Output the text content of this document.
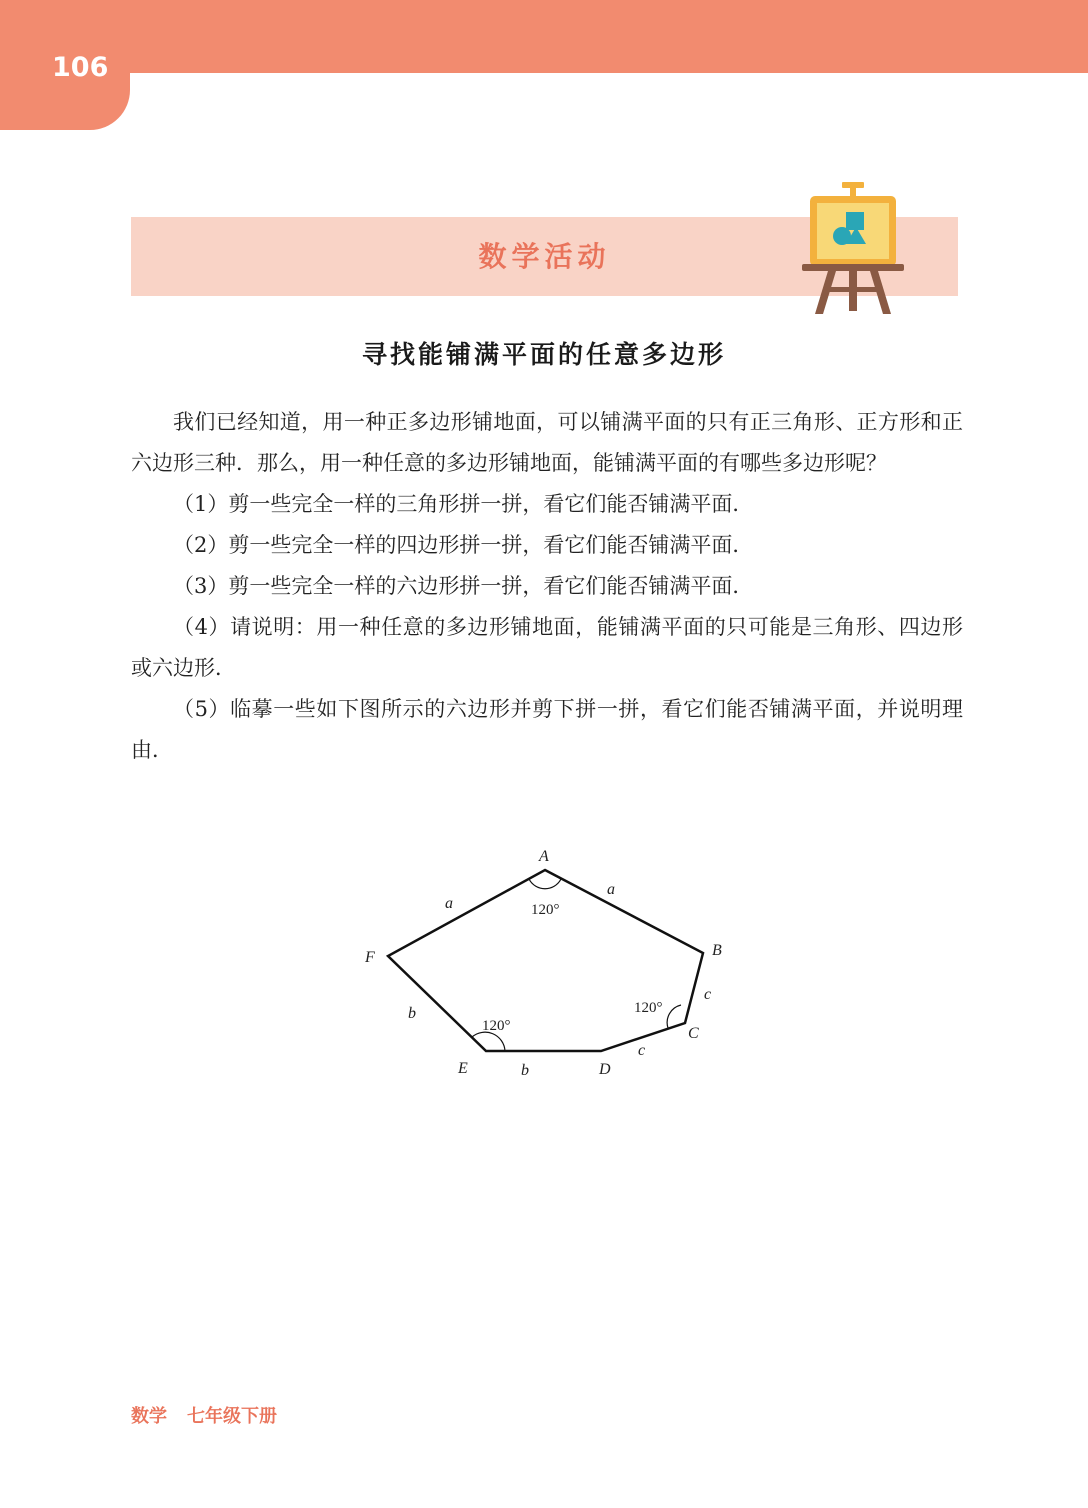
106
数学活动
寻找能铺满平面的任意多边形

我们已经知道，用一种正多边形铺地面，可以铺满平面的只有正三角形、正方形和正六边形三种．那么，用一种任意的多边形铺地面，能铺满平面的有哪些多边形呢？

（1）剪一些完全一样的三角形拼一拼，看它们能否铺满平面．

（2）剪一些完全一样的四边形拼一拼，看它们能否铺满平面．

（3）剪一些完全一样的六边形拼一拼，看它们能否铺满平面．

（4）请说明：用一种任意的多边形铺地面，能铺满平面的只可能是三角形、四边形或六边形．

（5）临摹一些如下图所示的六边形并剪下拼一拼，看它们能否铺满平面，并说明理由．

A
B
C
D
E
F
a
a
c
c
b
b
120°
120°
120°
数学 七年级下册
